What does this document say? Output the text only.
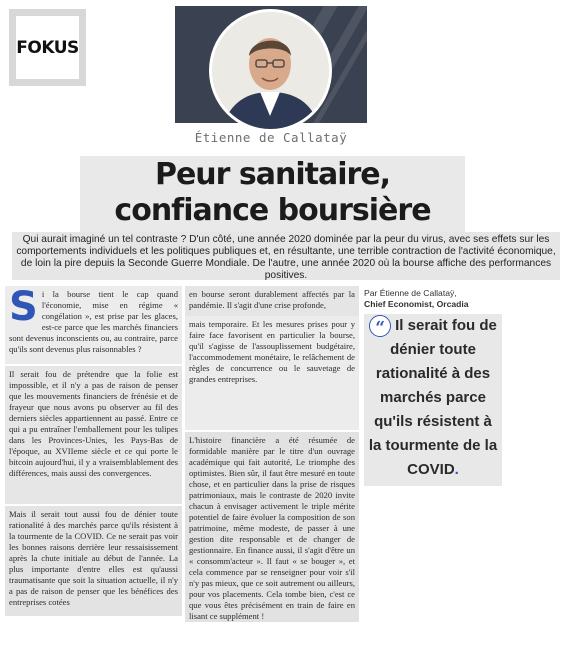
FOKUS
Étienne de Callataÿ
Peur sanitaire,
confiance boursière
Qui aurait imaginé un tel contraste ? D'un côté, une année 2020 dominée par la peur du virus, avec ses effets sur les comportements individuels et les politiques publiques et, en résultante, une terrible contraction de l'activité économique, de loin la pire depuis la Seconde Guerre Mondiale. De l'autre, une année 2020 où la bourse affiche des performances positives.
S i la bourse tient le cap quand l'économie, mise en régime « congélation », est prise par les glaces, est-ce parce que les marchés financiers sont devenus inconscients ou, au contraire, parce qu'ils sont devenus plus raisonnables ?
Il serait fou de prétendre que la folie est impossible, et il n'y a pas de raison de penser que les mouvements financiers de frénésie et de frayeur que nous avons pu observer au fil des derniers siècles appartiennent au passé. Entre ce qui a pu entraîner l'emballement pour les tulipes dans les Provinces-Unies, les Pays-Bas de l'époque, au XVIIeme siècle et ce qui porte le bitcoin aujourd'hui, il y a vraisemblablement des différences, mais aussi des convergences.
Mais il serait tout aussi fou de dénier toute rationalité à des marchés parce qu'ils résistent à la tourmente de la COVID. Ce ne serait pas voir les bonnes raisons derrière leur ressaisissement après la chute initiale au début de l'année. La plus importante d'entre elles est qu'aussi traumatisante que soit la situation actuelle, il n'y a pas de raison de penser que les bénéfices des entreprises cotées
en bourse seront durablement affectés par la pandémie. Il s'agit d'une crise profonde,
mais temporaire. Et les mesures prises pour y faire face favorisent en particulier la bourse, qu'il s'agisse de l'assouplissement budgétaire, l'accommodement monétaire, le relâchement de règles de concurrence ou le sauvetage de grandes entreprises.
L'histoire financière a été résumée de formidable manière par le titre d'un ouvrage académique qui fait autorité, Le triomphe des optimistes. Bien sûr, il faut être mesuré en toute chose, et en particulier dans la prise de risques patrimoniaux, mais le contraste de 2020 invite chacun à envisager activement le triple mérite potentiel de faire évoluer la composition de son patrimoine, même modeste, de passer à une gestion dite responsable et de changer de gestionnaire. En finance aussi, il s'agit d'être un « consomm'acteur ». Il faut « se bouger », et cela commence par se renseigner pour voir s'il n'y pas mieux, que ce soit autrement ou ailleurs, pour vos placements. Cela tombe bien, c'est ce que vous êtes précisément en train de faire en lisant ce supplément !
Par Étienne de Callataÿ,
Chief Economist, Orcadia
“ Il serait fou de dénier toute rationalité à des marchés parce qu'ils résistent à la tourmente de la COVID.
